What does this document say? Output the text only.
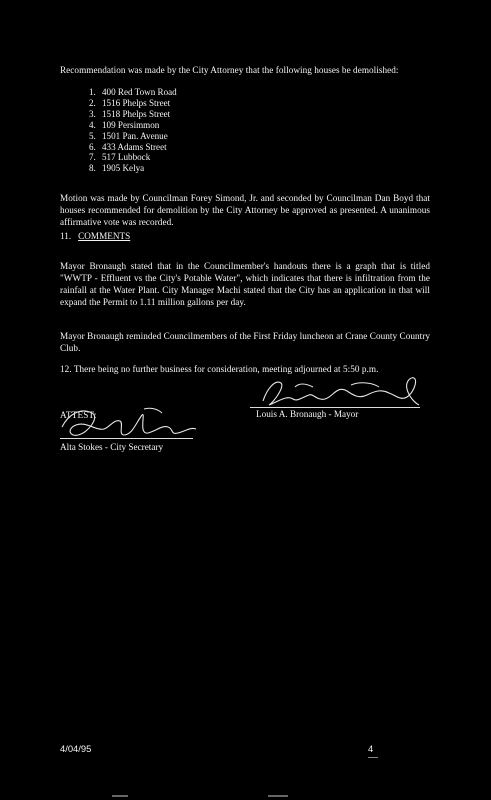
Recommendation was made by the City Attorney that the following houses be demolished:

1. 400 Red Town Road
2. 1516 Phelps Street
3. 1518 Phelps Street
4. 109 Persimmon
5. 1501 Pan. Avenue
6. 433 Adams Street
7. 517 Lubbock
8. 1905 Kelya

Motion was made by Councilman Forey Simond, Jr. and seconded by Councilman Dan Boyd that houses recommended for demolition by the City Attorney be approved as presented. A unanimous affirmative vote was recorded.

11. COMMENTS

Mayor Bronaugh stated that in the Councilmember's handouts there is a graph that is titled "WWTP - Effluent vs the City's Potable Water", which indicates that there is infiltration from the rainfall at the Water Plant. City Manager Machi stated that the City has an application in that will expand the Permit to 1.11 million gallons per day.

Mayor Bronaugh reminded Councilmembers of the First Friday luncheon at Crane County Country Club.

12. There being no further business for consideration, meeting adjourned at 5:50 p.m.

Louis A. Bronaugh - Mayor
ATTEST:
Alta Stokes - City Secretary
4/04/95	4
